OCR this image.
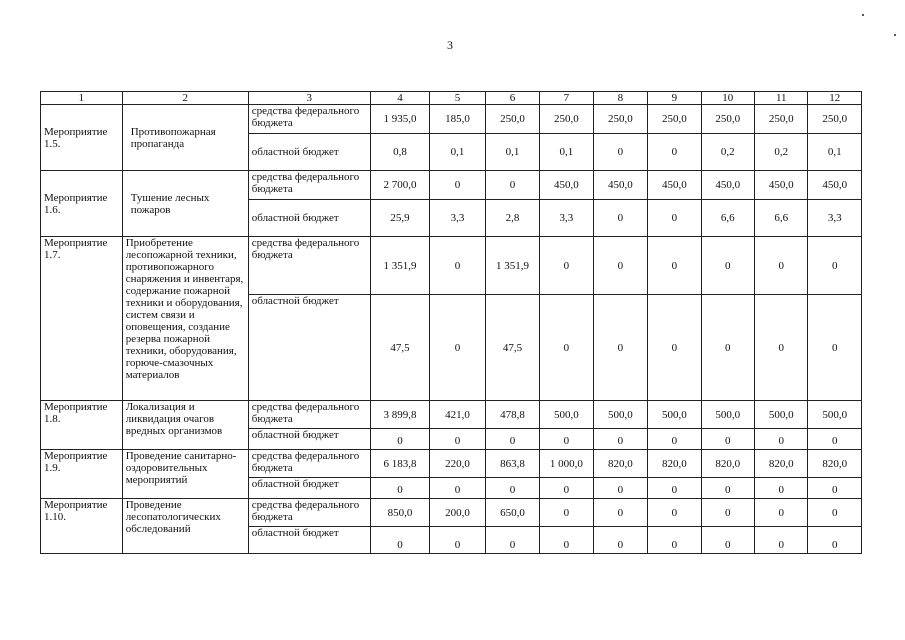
3
1	2	3	4	5	6	7	8	9	10	11	12
Мероприятие 1.5.	Противопожарная пропаганда	средства федерального бюджета	1 935,0	185,0	250,0	250,0	250,0	250,0	250,0	250,0	250,0
		областной бюджет	0,8	0,1	0,1	0,1	0	0	0,2	0,2	0,1
Мероприятие 1.6.	Тушение лесных пожаров	средства федерального бюджета	2 700,0	0	0	450,0	450,0	450,0	450,0	450,0	450,0
		областной бюджет	25,9	3,3	2,8	3,3	0	0	6,6	6,6	3,3
Мероприятие 1.7.	Приобретение лесопожарной техники, противопожарного снаряжения и инвентаря, содержание пожарной техники и оборудования, систем связи и оповещения, создание резерва пожарной техники, оборудования, горюче-смазочных материалов	средства федерального бюджета	1 351,9	0	1 351,9	0	0	0	0	0	0
		областной бюджет	47,5	0	47,5	0	0	0	0	0	0
Мероприятие 1.8.	Локализация и ликвидация очагов вредных организмов	средства федерального бюджета	3 899,8	421,0	478,8	500,0	500,0	500,0	500,0	500,0	500,0
		областной бюджет	0	0	0	0	0	0	0	0	0
Мероприятие 1.9.	Проведение санитарно-оздоровительных мероприятий	средства федерального бюджета	6 183,8	220,0	863,8	1 000,0	820,0	820,0	820,0	820,0	820,0
		областной бюджет	0	0	0	0	0	0	0	0	0
Мероприятие 1.10.	Проведение лесопатологических обследований	средства федерального бюджета	850,0	200,0	650,0	0	0	0	0	0	0
		областной бюджет	0	0	0	0	0	0	0	0	0
